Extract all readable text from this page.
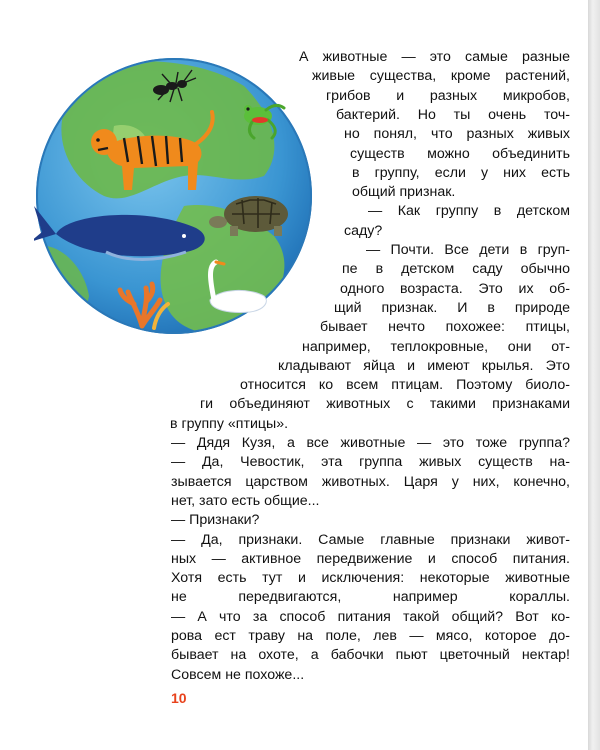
А животные — это самые разные
живые существа, кроме растений,
грибов и разных микробов,
бактерий. Но ты очень точ-
но понял, что разных живых
существ можно объединить
в группу, если у них есть
общий признак.
— Как группу в детском
саду?
— Почти. Все дети в груп-
пе в детском саду обычно
одного возраста. Это их об-
щий признак. И в природе
бывает нечто похожее: птицы,
например, теплокровные, они от-
кладывают яйца и имеют крылья. Это
относится ко всем птицам. Поэтому биоло-
ги объединяют животных с такими признаками
в группу «птицы».
— Дядя Кузя, а все животные — это тоже группа?
— Да, Чевостик, эта группа живых существ на-
зывается царством животных. Царя у них, конечно,
нет, зато есть общие...
— Признаки?
— Да, признаки. Самые главные признаки живот-
ных — активное передвижение и способ питания.
Хотя есть тут и исключения: некоторые животные
не передвигаются, например кораллы.
— А что за способ питания такой общий? Вот ко-
рова ест траву на поле, лев — мясо, которое до-
бывает на охоте, а бабочки пьют цветочный нектар!
Совсем не похоже...
10
